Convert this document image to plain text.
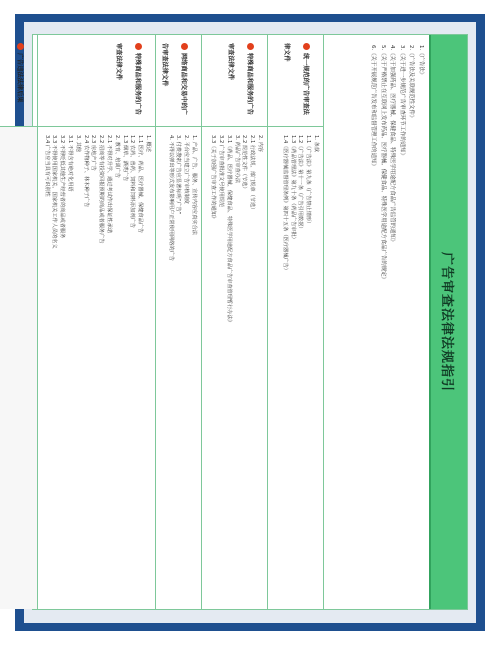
广告审查法律法规指引
1.《广告法》
2.《广告法及关联规范性文件》
3.《关于进一步规范广告审查环节工作的通知》
4.《关于加强药品、医疗器械、保健食品、特殊医学用途配方食品广告监管的通知》
5.《关于严格禁止在互联网上发布药品、医疗器械、保健食品、特殊医学用途配方食品广告的规定》
6.《关于开展规范广告发布和监督管理工作的通知》
统一规范的广告审查法律文件
1. 条款
1.1《广告法》第九条（广告禁止情形）
1.2《广告法》第十一条（广告引用数据）
1.3《药品管理法》第九十条（药品广告审批）
1.4《医疗器械监督管理条例》第四十五条（医疗器械广告）
特殊商品和服务的广告审查法律文件
2. 内容
2.1 行政法规、部门规章（节选）
2.2 规范性文件（节选）
3. 药品广告审查办法
3.1《药品、医疗器械、保健食品、特殊医学用途配方食品广告审查管理暂行办法》
3.2 广告审查批准文号使用规范
3.3《关于加强广告审查工作的通知》
网络商品和交易中的广告审查法律文件
1. 产品、广告、服务、宣传内容应真实合法
2. 平台应当建立广告审核制度
3. 付费搜索广告应显著标明“广告”
4. 不得以弹出等形式发布影响用户正常使用网络的广告
特殊商品和服务的广告审查法律文件
1. 概述
1.1 医疗、药品、医疗器械、保健食品广告
1.2 农药、兽药、饲料和饲料添加剂广告
1.3 烟草、酒类广告
2. 教育、培训广告
2.1 不得对升学、通过考试作出保证性承诺
2.2 招商等有投资回报预期的商品或者服务广告
2.3 房地产广告
2.4 农作物种子、林木种子广告
3. 其他
3.1 不得含有绝对化用语
3.2 不得贬低其他生产经营者的商品或者服务
3.3 不得使用国家机关、国家机关工作人员的名义
3.4 广告应当具有可识别性
广告违法法律后果
